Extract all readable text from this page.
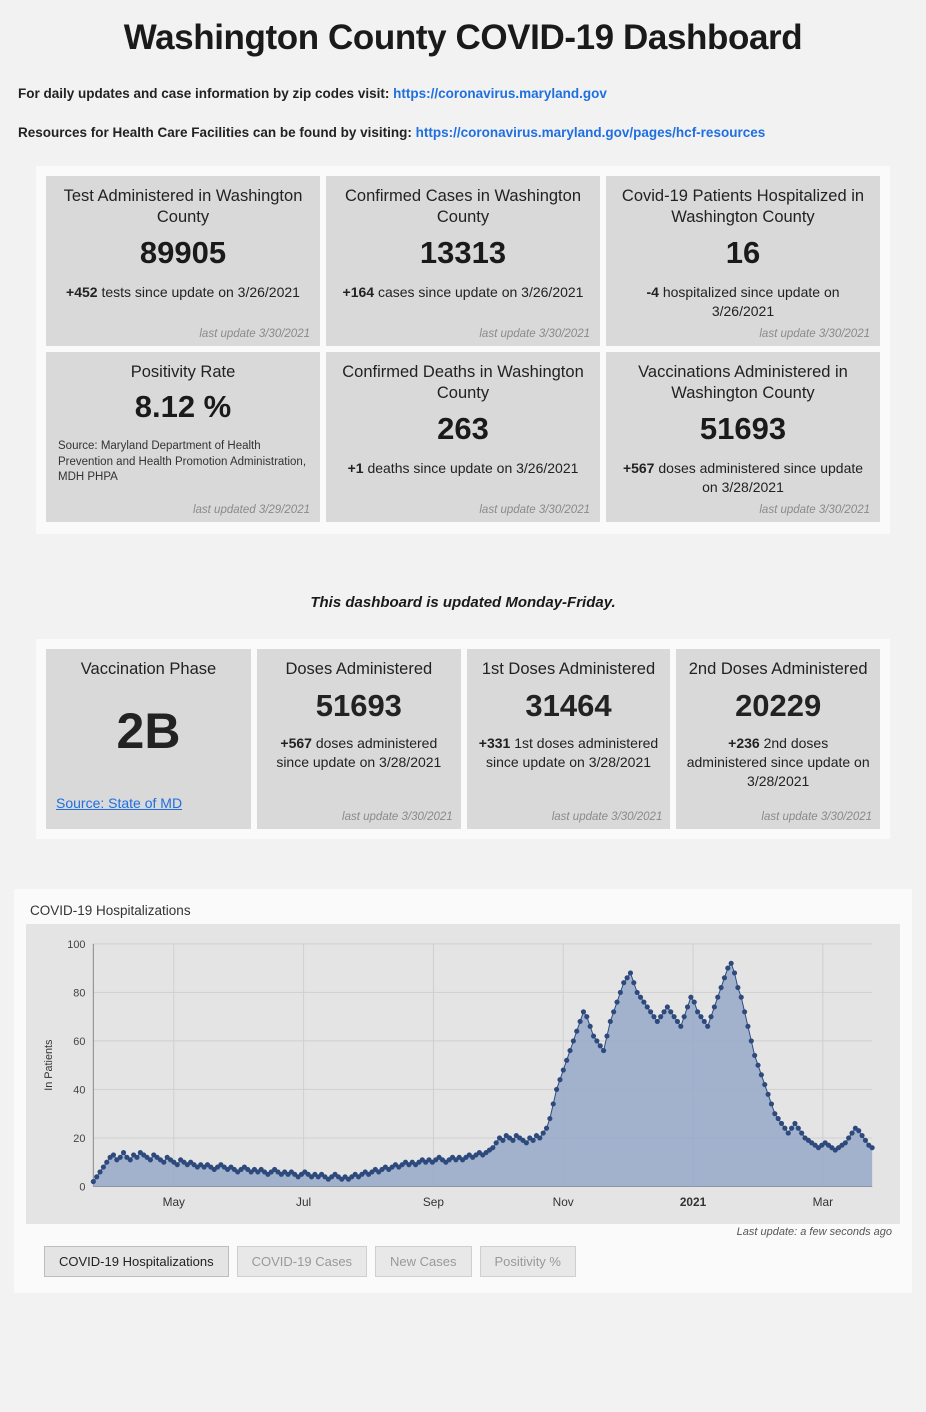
Washington County COVID-19 Dashboard

For daily updates and case information by zip codes visit: https://coronavirus.maryland.gov

Resources for Health Care Facilities can be found by visiting: https://coronavirus.maryland.gov/pages/hcf-resources

Test Administered in Washington County
89905
+452 tests since update on 3/26/2021
last update 3/30/2021
Confirmed Cases in Washington County
13313
+164 cases since update on 3/26/2021
last update 3/30/2021
Covid-19 Patients Hospitalized in Washington County
16
-4 hospitalized since update on 3/26/2021
last update 3/30/2021
Positivity Rate
8.12 %
Source: Maryland Department of Health Prevention and Health Promotion Administration, MDH PHPA
last updated 3/29/2021
Confirmed Deaths in Washington County
263
+1 deaths since update on 3/26/2021
last update 3/30/2021
Vaccinations Administered in Washington County
51693
+567 doses administered since update on 3/28/2021
last update 3/30/2021
This dashboard is updated Monday-Friday.
Vaccination Phase
2B
Source: State of MD
Doses Administered
51693
+567 doses administered since update on 3/28/2021
last update 3/30/2021
1st Doses Administered
31464
+331 1st doses administered since update on 3/28/2021
last update 3/30/2021
2nd Doses Administered
20229
+236 2nd doses administered since update on 3/28/2021
last update 3/30/2021
COVID-19 Hospitalizations
0
20
40
60
80
100
May	Jul	Sep	Nov	2021	Mar
In Patients
Last update: a few seconds ago
COVID-19 Hospitalizations	COVID-19 Cases	New Cases	Positivity %
